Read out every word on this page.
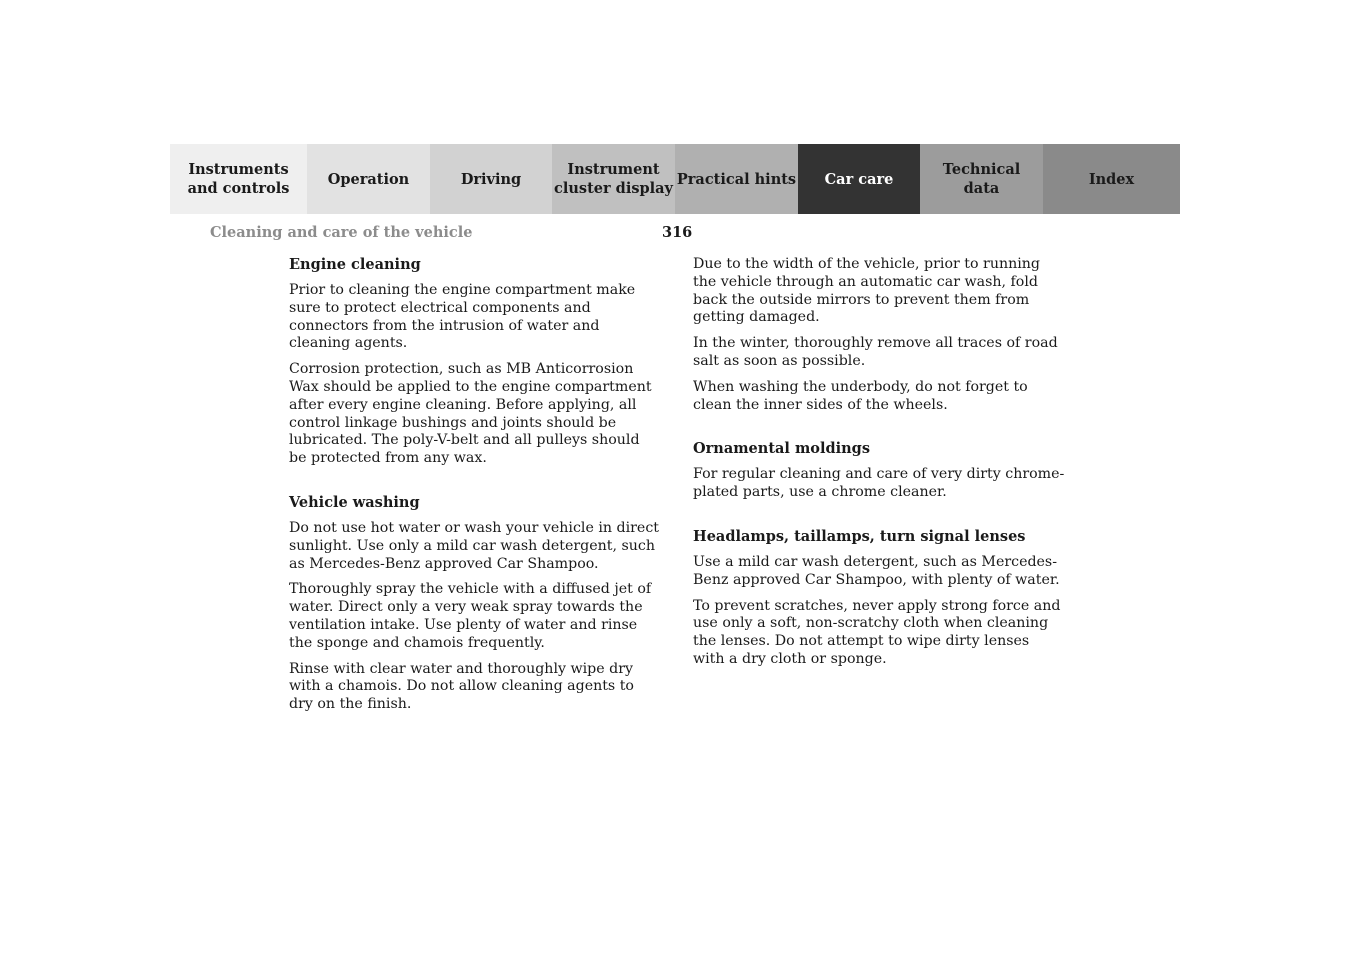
Instruments
and controls
Operation	Driving
Instrument
cluster display
Practical hints	Car care
Technical
data
Index
Cleaning and care of the vehicle	316
Engine cleaning

Prior to cleaning the engine compartment make sure to protect electrical components and connectors from the intrusion of water and cleaning agents.

Corrosion protection, such as MB Anticorrosion Wax should be applied to the engine compartment after every engine cleaning. Before applying, all control linkage bushings and joints should be lubricated. The poly-V-belt and all pulleys should be protected from any wax.

Vehicle washing

Do not use hot water or wash your vehicle in direct sunlight. Use only a mild car wash detergent, such as Mercedes-Benz approved Car Shampoo.

Thoroughly spray the vehicle with a diffused jet of water. Direct only a very weak spray towards the ventilation intake. Use plenty of water and rinse the sponge and chamois frequently.

Rinse with clear water and thoroughly wipe dry with a chamois. Do not allow cleaning agents to dry on the finish.

Due to the width of the vehicle, prior to running the vehicle through an automatic car wash, fold back the outside mirrors to prevent them from getting damaged.

In the winter, thoroughly remove all traces of road salt as soon as possible.

When washing the underbody, do not forget to clean the inner sides of the wheels.

Ornamental moldings

For regular cleaning and care of very dirty chrome-plated parts, use a chrome cleaner.

Headlamps, taillamps, turn signal lenses

Use a mild car wash detergent, such as Mercedes-Benz approved Car Shampoo, with plenty of water.

To prevent scratches, never apply strong force and use only a soft, non-scratchy cloth when cleaning the lenses. Do not attempt to wipe dirty lenses with a dry cloth or sponge.
